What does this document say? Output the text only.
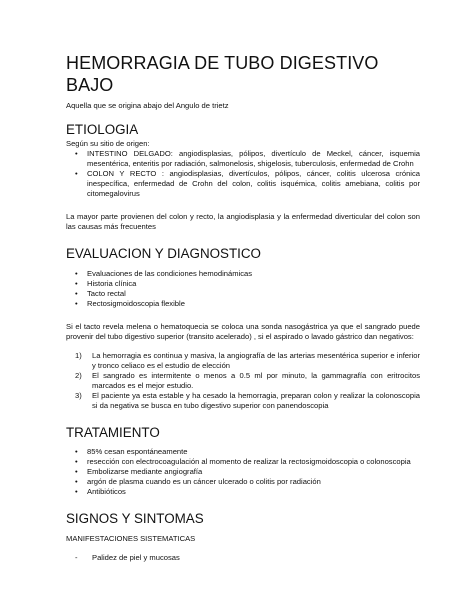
HEMORRAGIA DE TUBO DIGESTIVO BAJO

Aquella que se origina abajo del Angulo de trietz

ETIOLOGIA

Según su sitio de origen:

• INTESTINO DELGADO: angiodisplasias, pólipos, divertículo de Meckel, cáncer, isquemia mesentérica, enteritis por radiación, salmonelosis, shigelosis, tuberculosis, enfermedad de Crohn
• COLON Y RECTO : angiodisplasias, divertículos, pólipos, cáncer, colitis ulcerosa crónica inespecífica, enfermedad de Crohn del colon, colitis isquémica, colitis amebiana, colitis por citomegalovirus

La mayor parte provienen del colon y recto, la angiodisplasia y la enfermedad diverticular del colon son las causas más frecuentes

EVALUACION Y DIAGNOSTICO
• Evaluaciones de las condiciones hemodinámicas
• Historia clínica
• Tacto rectal
• Rectosigmoidoscopia flexible

Si el tacto revela melena o hematoquecia se coloca una sonda nasogástrica ya que el sangrado puede provenir del tubo digestivo superior (transito acelerado) , si el aspirado o lavado gástrico dan negativos:

1) La hemorragia es continua y masiva, la angiografía de las arterias mesentérica superior e inferior y tronco celiaco es el estudio de elección
2) El sangrado es intermitente o menos a 0.5 ml por minuto, la gammagrafía con eritrocitos marcados es el mejor estudio.
3) El paciente ya esta estable y ha cesado la hemorragia, preparan colon y realizar la colonoscopia si da negativa se busca en tubo digestivo superior con panendoscopia
TRATAMIENTO
• 85% cesan espontáneamente
• resección con electrocoagulación al momento de realizar la rectosigmoidoscopia o colonoscopia
• Embolizarse mediante angiografía
• argón de plasma cuando es un cáncer ulcerado o colitis por radiación
• Antibióticos
SIGNOS Y SINTOMAS

MANIFESTACIONES SISTEMATICAS

- Palidez de piel y mucosas
